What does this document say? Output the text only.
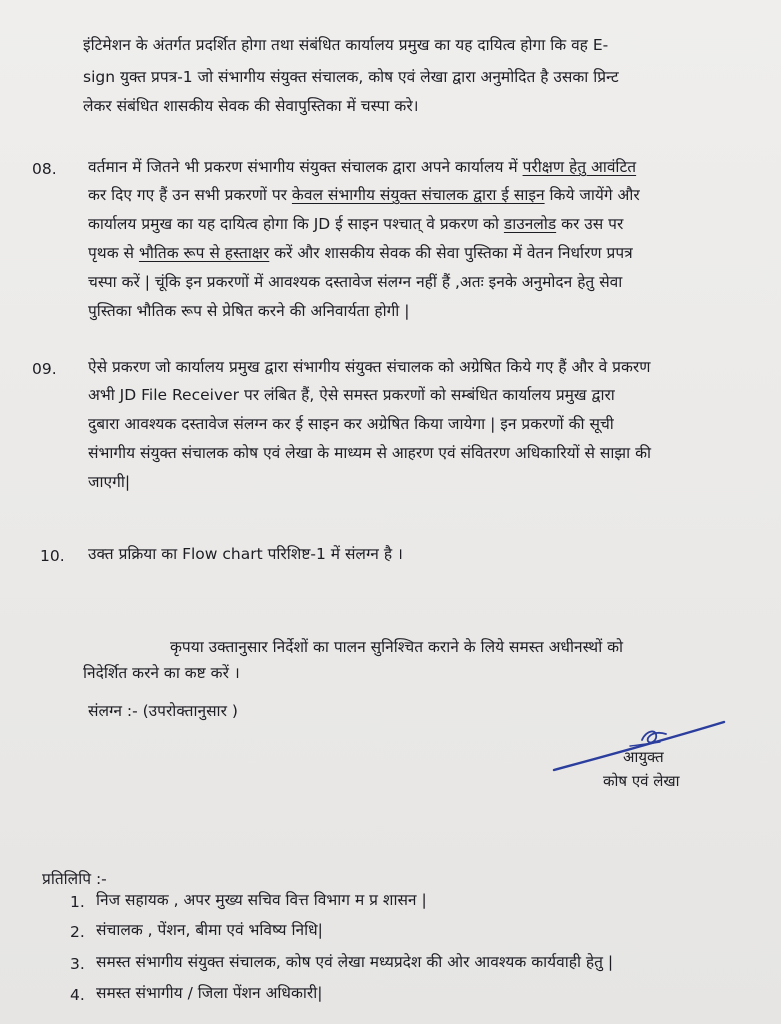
इंटिमेशन के अंतर्गत प्रदर्शित होगा तथा संबंधित कार्यालय प्रमुख का यह दायित्व होगा कि वह E-
sign युक्त प्रपत्र-1 जो संभागीय संयुक्त संचालक, कोष एवं लेखा द्वारा अनुमोदित है उसका प्रिन्ट
लेकर संबंधित शासकीय सेवक की सेवापुस्तिका में चस्पा करे।
08. वर्तमान में जितने भी प्रकरण संभागीय संयुक्त संचालक द्वारा अपने कार्यालय में परीक्षण हेतु आवंटित
कर दिए गए हैं उन सभी प्रकरणों पर केवल संभागीय संयुक्त संचालक द्वारा ई साइन किये जायेंगे और
कार्यालय प्रमुख का यह दायित्व होगा कि JD ई साइन पश्चात् वे प्रकरण को डाउनलोड कर उस पर
पृथक से भौतिक रूप से हस्ताक्षर करें और शासकीय सेवक की सेवा पुस्तिका में वेतन निर्धारण प्रपत्र
चस्पा करें | चूंकि इन प्रकरणों में आवश्यक दस्तावेज संलग्न नहीं हैं ,अतः इनके अनुमोदन हेतु सेवा
पुस्तिका भौतिक रूप से प्रेषित करने की अनिवार्यता होगी |
09. ऐसे प्रकरण जो कार्यालय प्रमुख द्वारा संभागीय संयुक्त संचालक को अग्रेषित किये गए हैं और वे प्रकरण
अभी JD File Receiver पर लंबित हैं, ऐसे समस्त प्रकरणों को सम्बंधित कार्यालय प्रमुख द्वारा
दुबारा आवश्यक दस्तावेज संलग्न कर ई साइन कर अग्रेषित किया जायेगा | इन प्रकरणों की सूची
संभागीय संयुक्त संचालक कोष एवं लेखा के माध्यम से आहरण एवं संवितरण अधिकारियों से साझा की
जाएगी|
10. उक्त प्रक्रिया का Flow chart परिशिष्ट-1 में संलग्न है ।
कृपया उक्तानुसार निर्देशों का पालन सुनिश्चित कराने के लिये समस्त अधीनस्थों को
निदेर्शित करने का कष्ट करें ।
संलग्न :- (उपरोक्तानुसार )
आयुक्त
कोष एवं लेखा
प्रतिलिपि :-
1. निज सहायक , अपर मुख्य सचिव वित्त विभाग म प्र शासन |
2. संचालक , पेंशन, बीमा एवं भविष्य निधि|
3. समस्त संभागीय संयुक्त संचालक, कोष एवं लेखा मध्यप्रदेश की ओर आवश्यक कार्यवाही हेतु |
4. समस्त संभागीय / जिला पेंशन अधिकारी|
